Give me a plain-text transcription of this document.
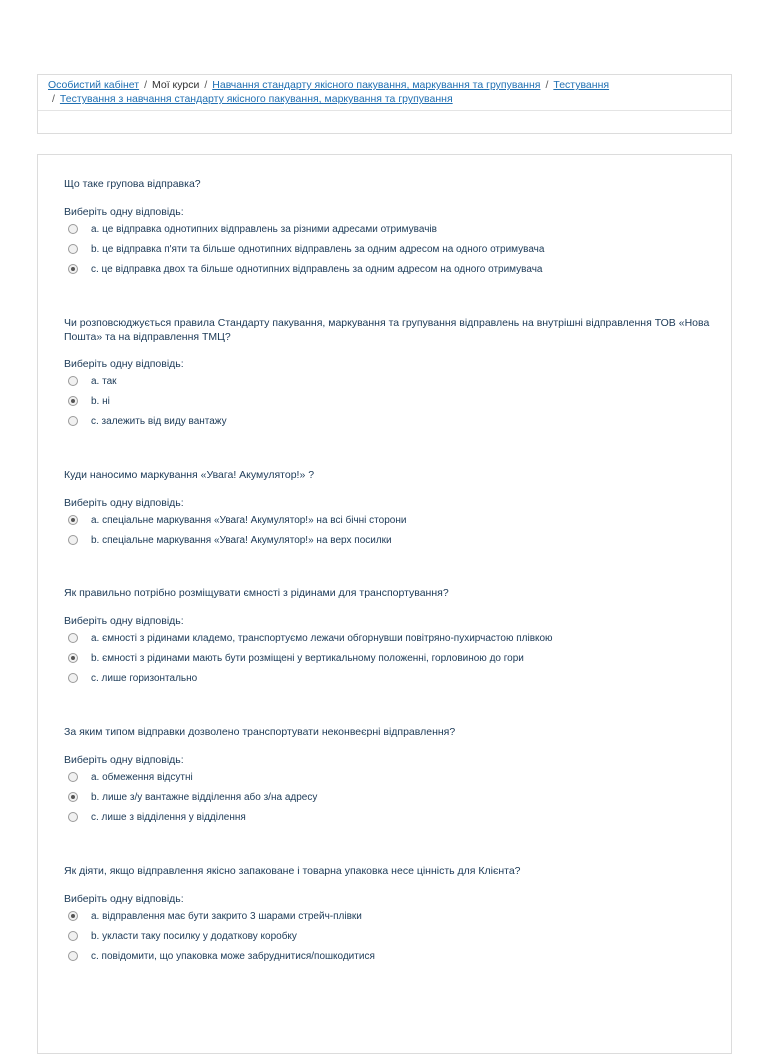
Особистий кабінет / Мої курси / Навчання стандарту якісного пакування, маркування та групування / Тестування
/ Тестування з навчання стандарту якісного пакування, маркування та групування

Що таке групова відправка?

Виберіть одну відповідь:
a. це відправка однотипних відправлень за різними адресами отримувачів
b. це відправка п'яти та більше однотипних відправлень за одним адресом на одного отримувача
c. це відправка двох та більше однотипних відправлень за одним адресом на одного отримувача

Чи розповсюджується правила Стандарту пакування, маркування та групування відправлень на внутрішні відправлення ТОВ «Нова Пошта» та на відправлення ТМЦ?

Виберіть одну відповідь:
a. так
b. ні
c. залежить від виду вантажу

Куди наносимо маркування «Увага! Акумулятор!» ?

Виберіть одну відповідь:
a. спеціальне маркування «Увага! Акумулятор!» на всі бічні сторони
b. спеціальне маркування «Увага! Акумулятор!» на верх посилки

Як правильно потрібно розміщувати ємності з рідинами для транспортування?

Виберіть одну відповідь:
a. ємності з рідинами кладемо, транспортуємо лежачи обгорнувши повітряно-пухирчастою плівкою
b. ємності з рідинами мають бути розміщені у вертикальному положенні, горловиною до гори
c. лише горизонтально

За яким типом відправки дозволено транспортувати неконвеєрні відправлення?

Виберіть одну відповідь:
a. обмеження відсутні
b. лише з/у вантажне відділення або з/на адресу
c. лише з відділення у відділення

Як діяти, якщо відправлення якісно запаковане і товарна упаковка несе цінність для Клієнта?

Виберіть одну відповідь:
a. відправлення має бути закрито 3 шарами стрейч-плівки
b. укласти таку посилку у додаткову коробку
c. повідомити, що упаковка може забруднитися/пошкодитися
